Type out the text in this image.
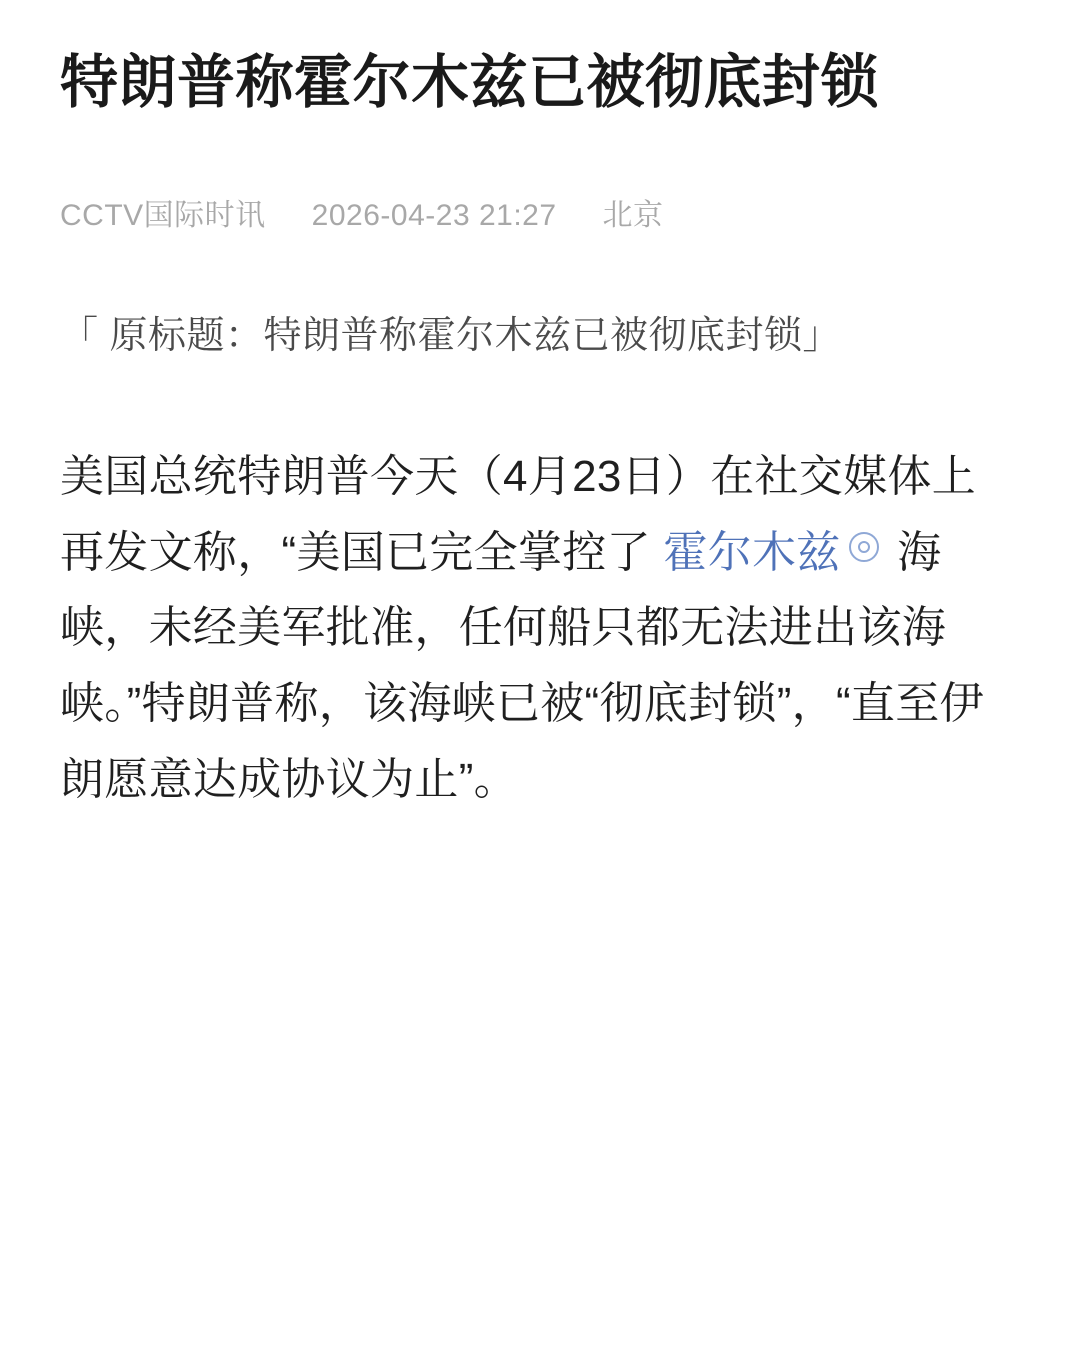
特朗普称霍尔木兹已被彻底封锁
CCTV国际时讯 2026-04-23 21:27 北京

「 原标题：特朗普称霍尔木兹已被彻底封锁」

美国总统特朗普今天（4月23日）在社交媒体上再发文称，“美国已完全掌控了 霍尔木兹 海峡，未经美军批准，任何船只都无法进出该海峡。”特朗普称，该海峡已被“彻底封锁”，“直至伊朗愿意达成协议为止”。
